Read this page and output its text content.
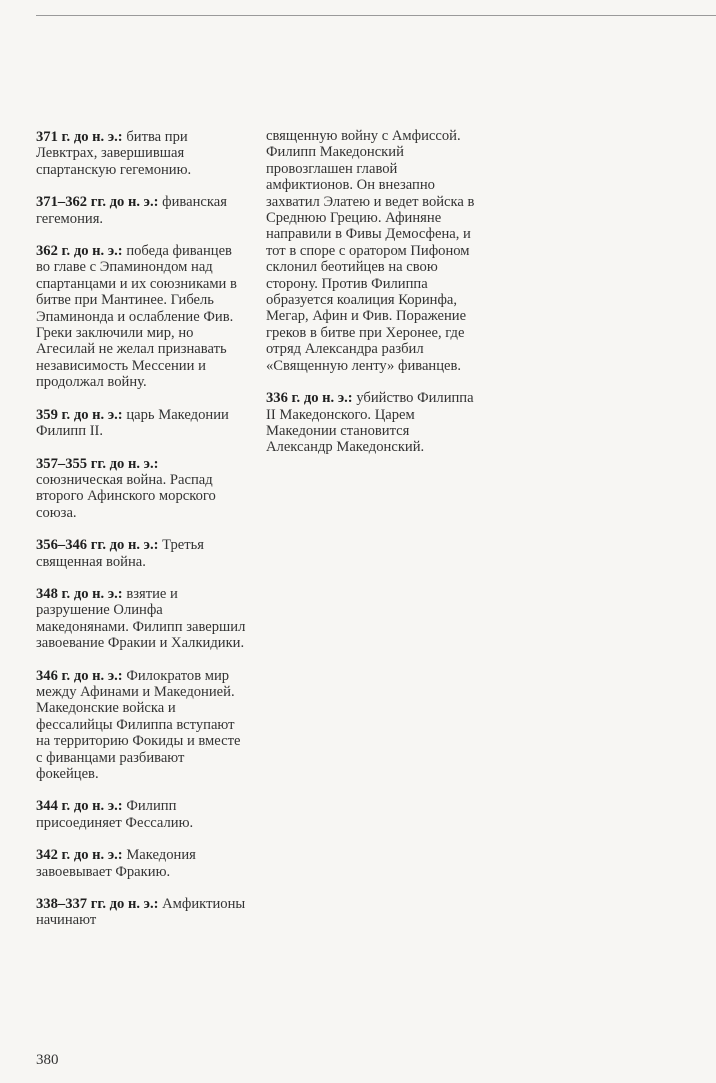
371 г. до н. э.: битва при Левктрах, завершившая спартанскую гегемонию.

371–362 гг. до н. э.: фиванская гегемония.

362 г. до н. э.: победа фиванцев во главе с Эпаминондом над спартанцами и их союзниками в битве при Мантинее. Гибель Эпаминонда и ослабление Фив. Греки заключили мир, но Агесилай не желал признавать независимость Мессении и продолжал войну.

359 г. до н. э.: царь Македонии Филипп II.

357–355 гг. до н. э.: союзническая война. Распад второго Афинского морского союза.

356–346 гг. до н. э.: Третья священная война.

348 г. до н. э.: взятие и разрушение Олинфа македонянами. Филипп завершил завоевание Фракии и Халкидики.

346 г. до н. э.: Филократов мир между Афинами и Македонией. Македонские войска и фессалийцы Филиппа вступают на территорию Фокиды и вместе с фиванцами разбивают фокейцев.

344 г. до н. э.: Филипп присоединяет Фессалию.

342 г. до н. э.: Македония завоевывает Фракию.

338–337 гг. до н. э.: Амфиктионы начинают

священную войну с Амфиссой. Филипп Македонский провозглашен главой амфиктионов. Он внезапно захватил Элатею и ведет войска в Среднюю Грецию. Афиняне направили в Фивы Демосфена, и тот в споре с оратором Пифоном склонил беотийцев на свою сторону. Против Филиппа образуется коалиция Коринфа, Мегар, Афин и Фив. Поражение греков в битве при Херонее, где отряд Александра разбил «Священную ленту» фиванцев.

336 г. до н. э.: убийство Филиппа II Македонского. Царем Македонии становится Александр Македонский.

380
